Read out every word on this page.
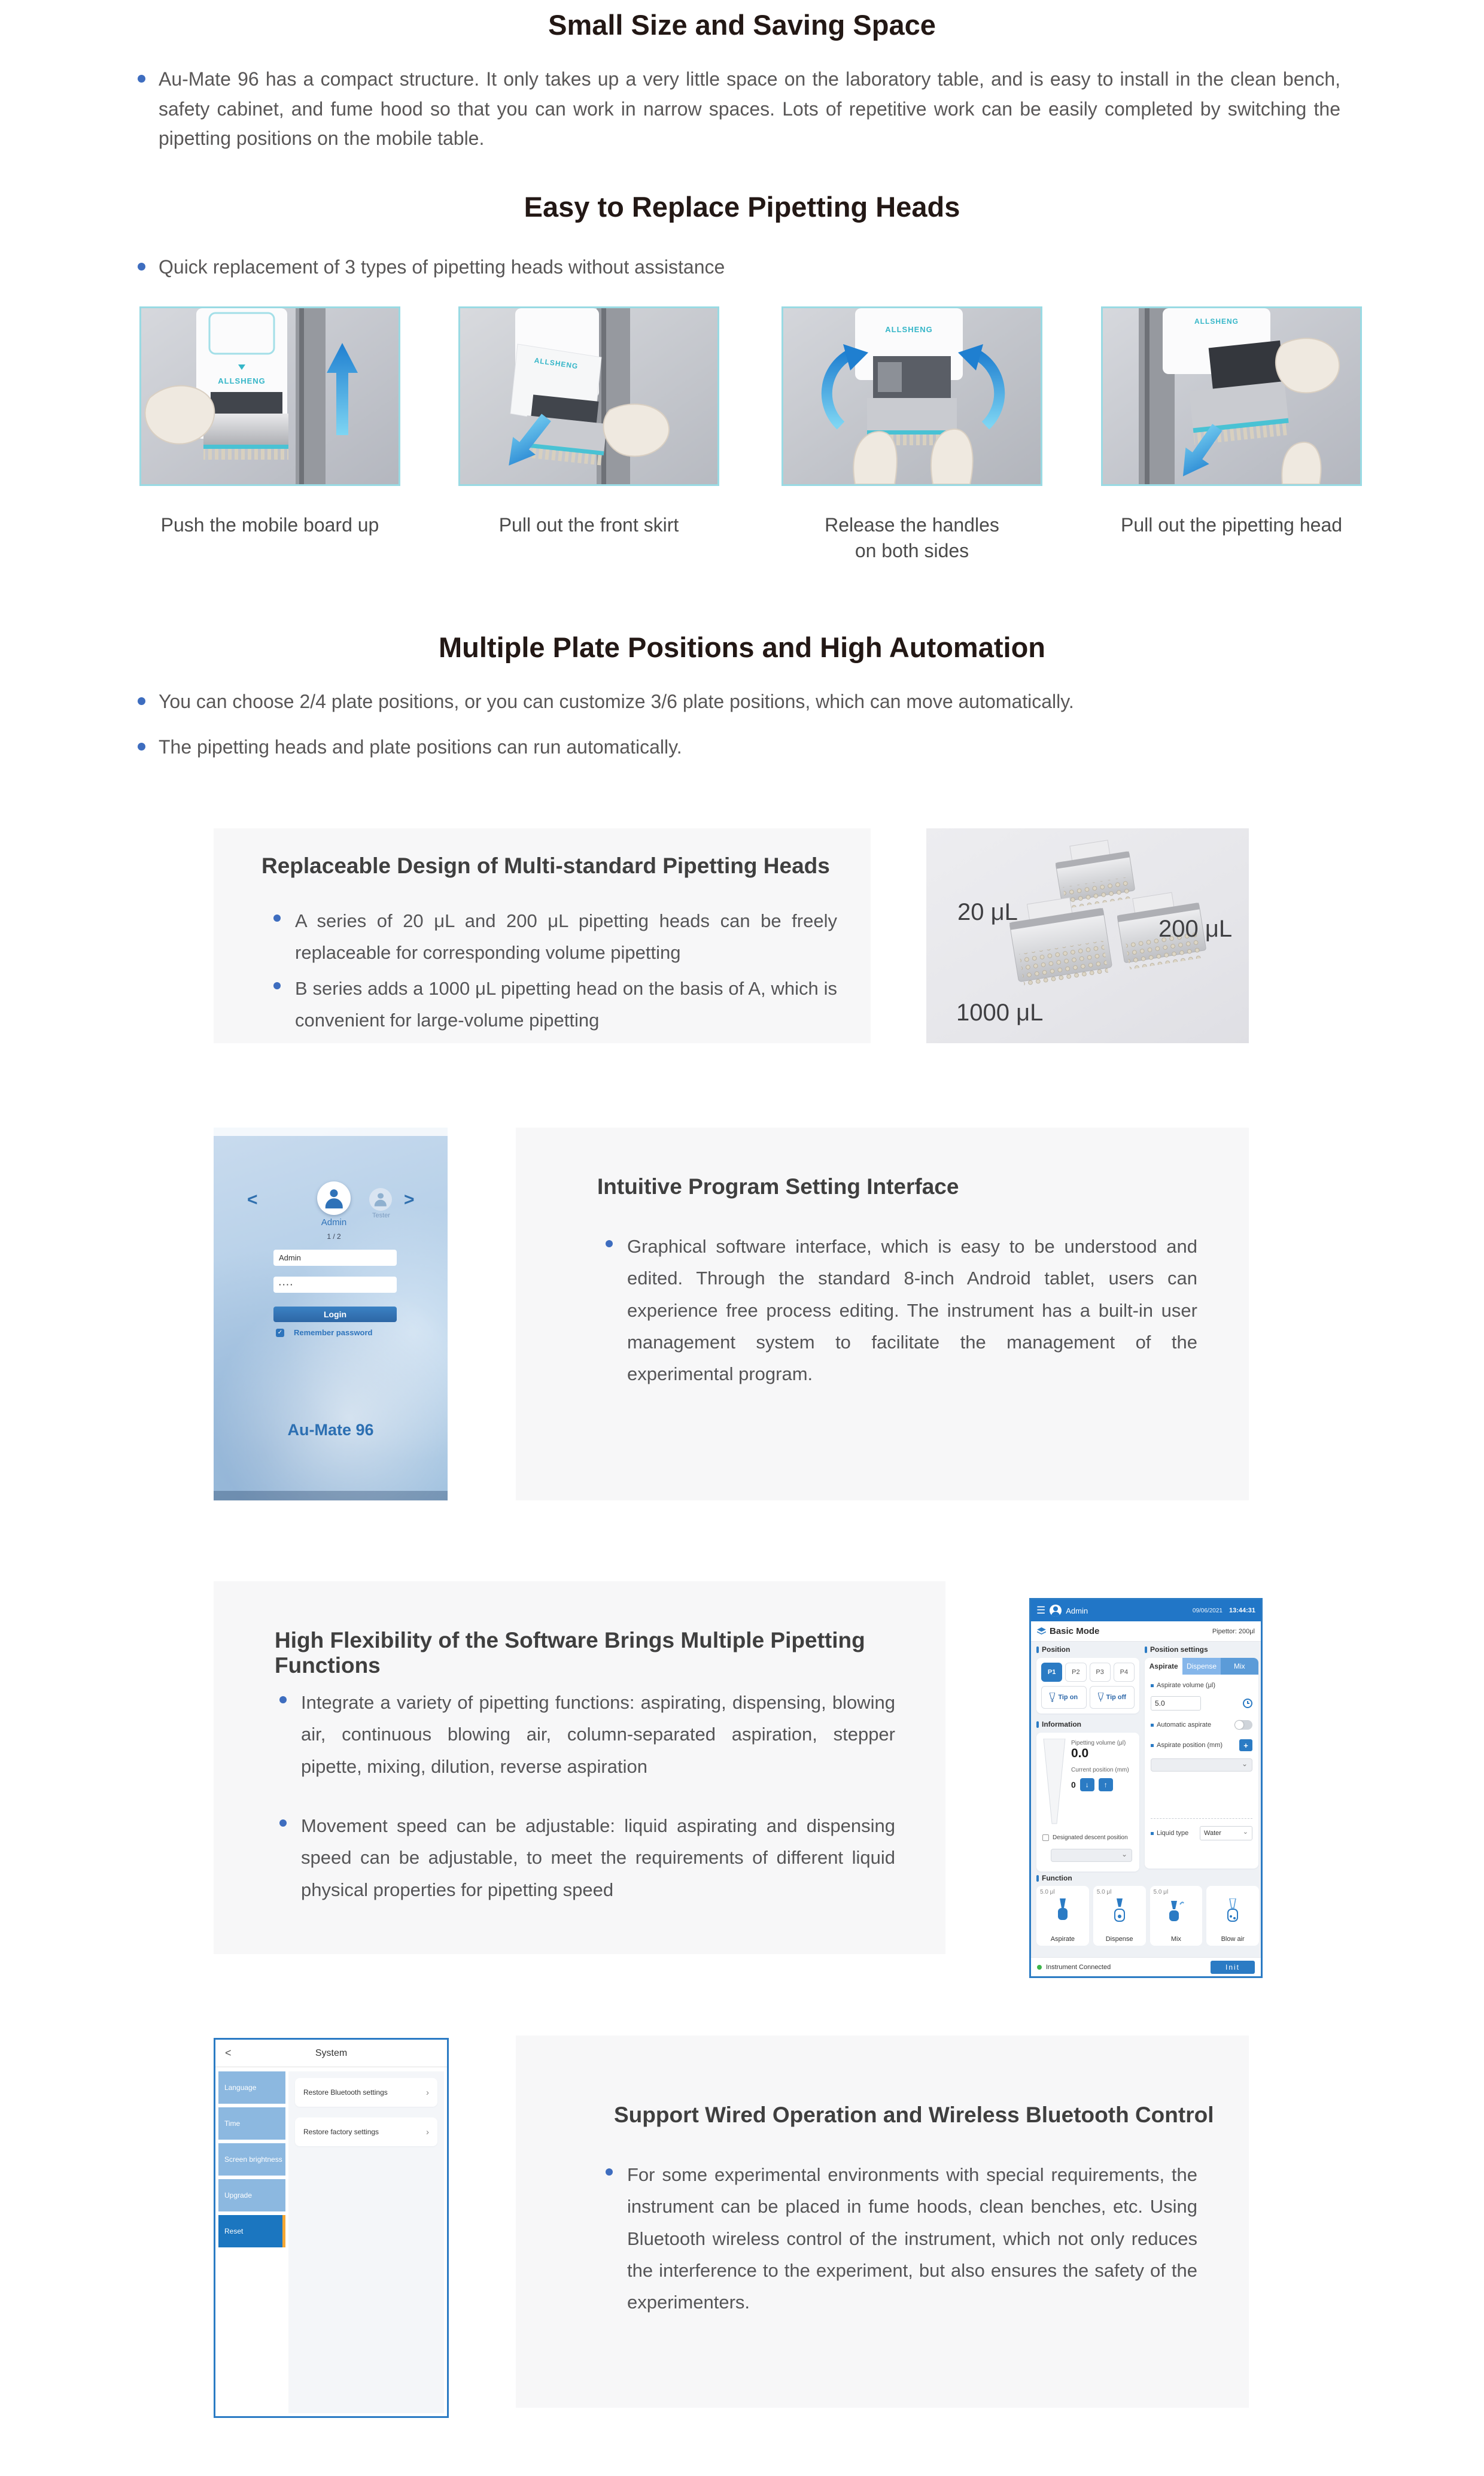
Small Size and Saving Space

Au-Mate 96 has a compact structure. It only takes up a very little space on the laboratory table, and is easy to install in the clean bench, safety cabinet, and fume hood so that you can work in narrow spaces. Lots of repetitive work can be easily completed by switching the pipetting positions on the mobile table.

Easy to Replace Pipetting Heads

Quick replacement of 3 types of pipetting heads without assistance

ALLSHENG
ALLSHENG
ALLSHENG
ALLSHENG
Push the mobile board up	Pull out the front skirt	Release the handles on both sides
Pull out the pipetting head
Multiple Plate Positions and High Automation

You can choose 2/4 plate positions, or you can customize 3/6 plate positions, which can move automatically.

The pipetting heads and plate positions can run automatically.

Replaceable Design of Multi-standard Pipetting Heads

A series of 20 μL and 200 μL pipetting heads can be freely replaceable for corresponding volume pipetting

B series adds a 1000 μL pipetting head on the basis of A, which is convenient for large-volume pipetting

20 μL
200 μL
1000 μL
<	>
Tester
Admin
1 / 2
Admin
····
Login
✓ Remember password
Au-Mate 96
Intuitive Program Setting Interface

Graphical software interface, which is easy to be understood and edited. Through the standard 8-inch Android tablet, users can experience free process editing. The instrument has a built-in user management system to facilitate the management of the experimental program.

High Flexibility of the Software Brings Multiple Pipetting Functions

Integrate a variety of pipetting functions: aspirating, dispensing, blowing air, continuous blowing air, column-separated aspiration, stepper pipette, mixing, dilution, reverse aspiration

Movement speed can be adjustable: liquid aspirating and dispensing speed can be adjustable, to meet the requirements of different liquid physical properties for pipetting speed

☰	Admin	09/06/2021 13:44:31
Basic Mode	Pipettor: 200μl
Position
P1	P2	P3	P4
Tip on	Tip off
Information
Pipetting volume (μl)
0.0
Current position (mm)
0	↓	↑
Designated descent position
⌄
Position settings
Aspirate	Dispense	Mix
Aspirate volume (μl)
5.0
Automatic aspirate
Aspirate position (mm)	+
⌄
Liquid type	Water ⌄
Function
5.0 μl
Aspirate
5.0 μl
Dispense
5.0 μl
Mix	Blow air
Instrument Connected	Init
Support Wired Operation and Wireless Bluetooth Control

For some experimental environments with special requirements, the instrument can be placed in fume hoods, clean benches, etc. Using Bluetooth wireless control of the instrument, which not only reduces the interference to the experiment, but also ensures the safety of the experimenters.

System
<
Language
Time
Screen brightness
Upgrade
Reset
Restore Bluetooth settings	›
Restore factory settings	›
